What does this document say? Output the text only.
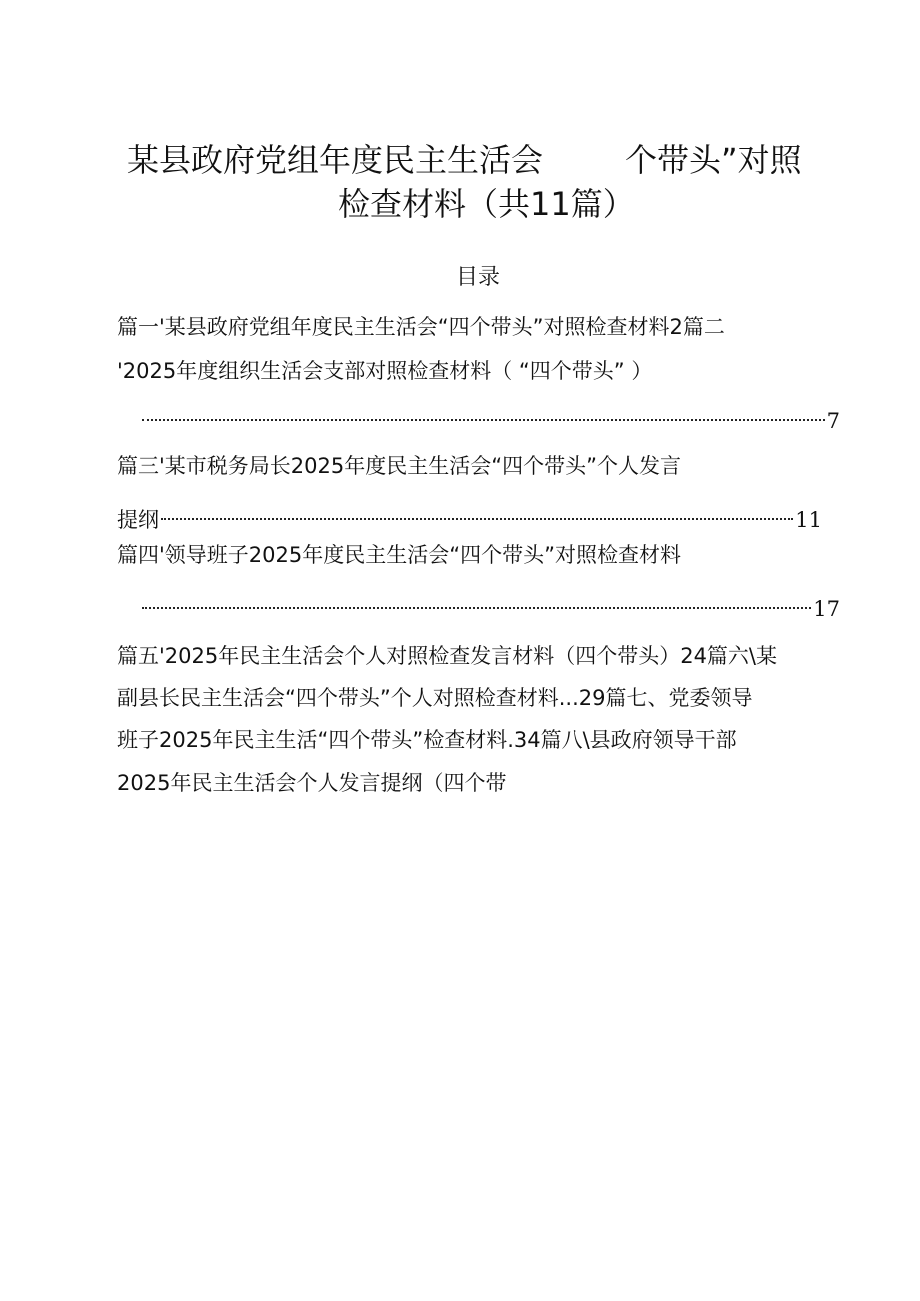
某县政府党组年度民主生活会	个带头”对照
检查材料（共11篇）
目录
篇一'某县政府党组年度民主生活会“四个带头”对照检查材料2篇二
'2025年度组织生活会支部对照检查材料（ “四个带头” ）
7
篇三'某市税务局长2025年度民主生活会“四个带头”个人发言
提纲	11
篇四'领导班子2025年度民主生活会“四个带头”对照检查材料
17
篇五'2025年民主生活会个人对照检查发言材料（四个带头）24篇六\某
副县长民主生活会“四个带头”个人对照检查材料...29篇七、党委领导
班子2025年民主生活“四个带头”检查材料.34篇八\县政府领导干部
2025年民主生活会个人发言提纲（四个带
